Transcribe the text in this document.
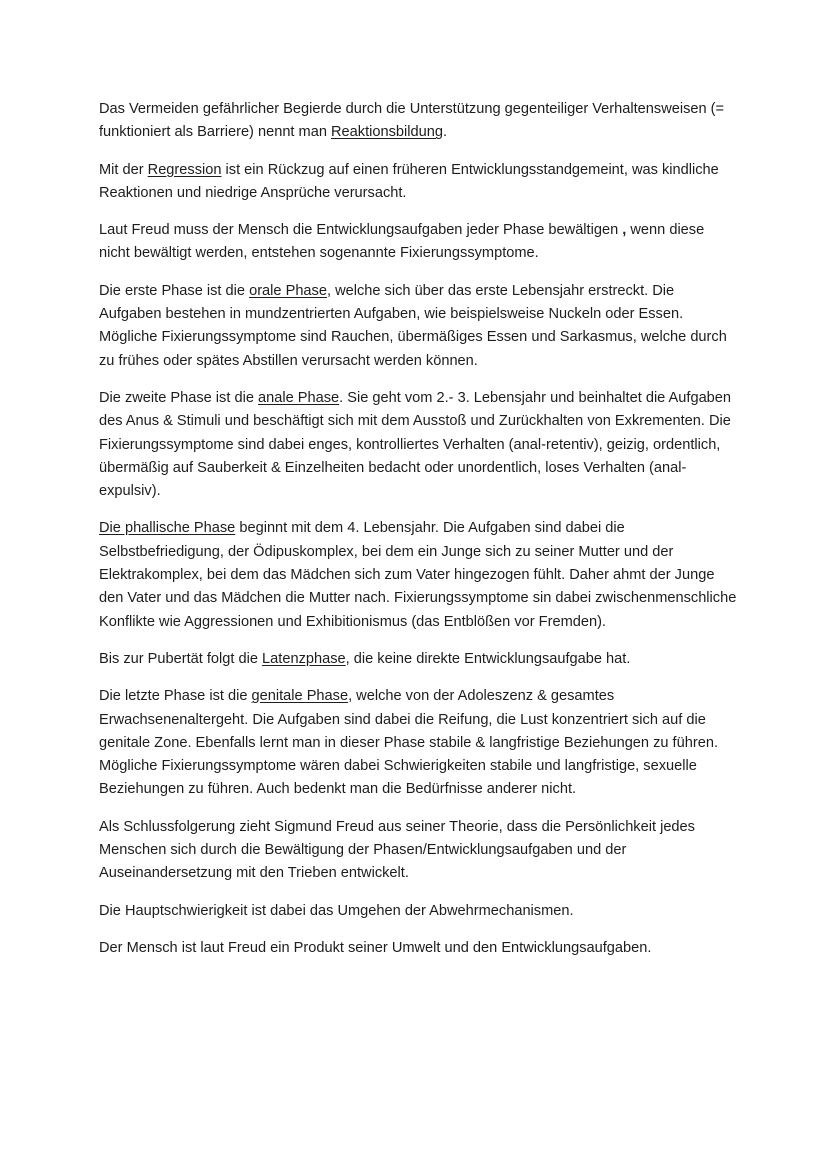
Das Vermeiden gefährlicher Begierde durch die Unterstützung gegenteiliger Verhaltensweisen (= funktioniert als Barriere) nennt man Reaktionsbildung.

Mit der Regression ist ein Rückzug auf einen früheren Entwicklungsstandgemeint, was kindliche Reaktionen und niedrige Ansprüche verursacht.

Laut Freud muss der Mensch die Entwicklungsaufgaben jeder Phase bewältigen , wenn diese nicht bewältigt werden, entstehen sogenannte Fixierungssymptome.

Die erste Phase ist die orale Phase, welche sich über das erste Lebensjahr erstreckt. Die Aufgaben bestehen in mundzentrierten Aufgaben, wie beispielsweise Nuckeln oder Essen. Mögliche Fixierungssymptome sind Rauchen, übermäßiges Essen und Sarkasmus, welche durch zu frühes oder spätes Abstillen verursacht werden können.

Die zweite Phase ist die anale Phase. Sie geht vom 2.- 3. Lebensjahr und beinhaltet die Aufgaben des Anus & Stimuli und beschäftigt sich mit dem Ausstoß und Zurückhalten von Exkrementen. Die Fixierungssymptome sind dabei enges, kontrolliertes Verhalten (anal-retentiv), geizig, ordentlich, übermäßig auf Sauberkeit & Einzelheiten bedacht oder unordentlich, loses Verhalten (anal-expulsiv).

Die phallische Phase beginnt mit dem 4. Lebensjahr. Die Aufgaben sind dabei die Selbstbefriedigung, der Ödipuskomplex, bei dem ein Junge sich zu seiner Mutter und der Elektrakomplex, bei dem das Mädchen sich zum Vater hingezogen fühlt. Daher ahmt der Junge den Vater und das Mädchen die Mutter nach. Fixierungssymptome sin dabei zwischenmenschliche Konflikte wie Aggressionen und Exhibitionismus (das Entblößen vor Fremden).

Bis zur Pubertät folgt die Latenzphase, die keine direkte Entwicklungsaufgabe hat.

Die letzte Phase ist die genitale Phase, welche von der Adoleszenz & gesamtes Erwachsenenaltergeht. Die Aufgaben sind dabei die Reifung, die Lust konzentriert sich auf die genitale Zone. Ebenfalls lernt man in dieser Phase stabile & langfristige Beziehungen zu führen. Mögliche Fixierungssymptome wären dabei Schwierigkeiten stabile und langfristige, sexuelle Beziehungen zu führen. Auch bedenkt man die Bedürfnisse anderer nicht.

Als Schlussfolgerung zieht Sigmund Freud aus seiner Theorie, dass die Persönlichkeit jedes Menschen sich durch die Bewältigung der Phasen/Entwicklungsaufgaben und der Auseinandersetzung mit den Trieben entwickelt.

Die Hauptschwierigkeit ist dabei das Umgehen der Abwehrmechanismen.

Der Mensch ist laut Freud ein Produkt seiner Umwelt und den Entwicklungsaufgaben.
